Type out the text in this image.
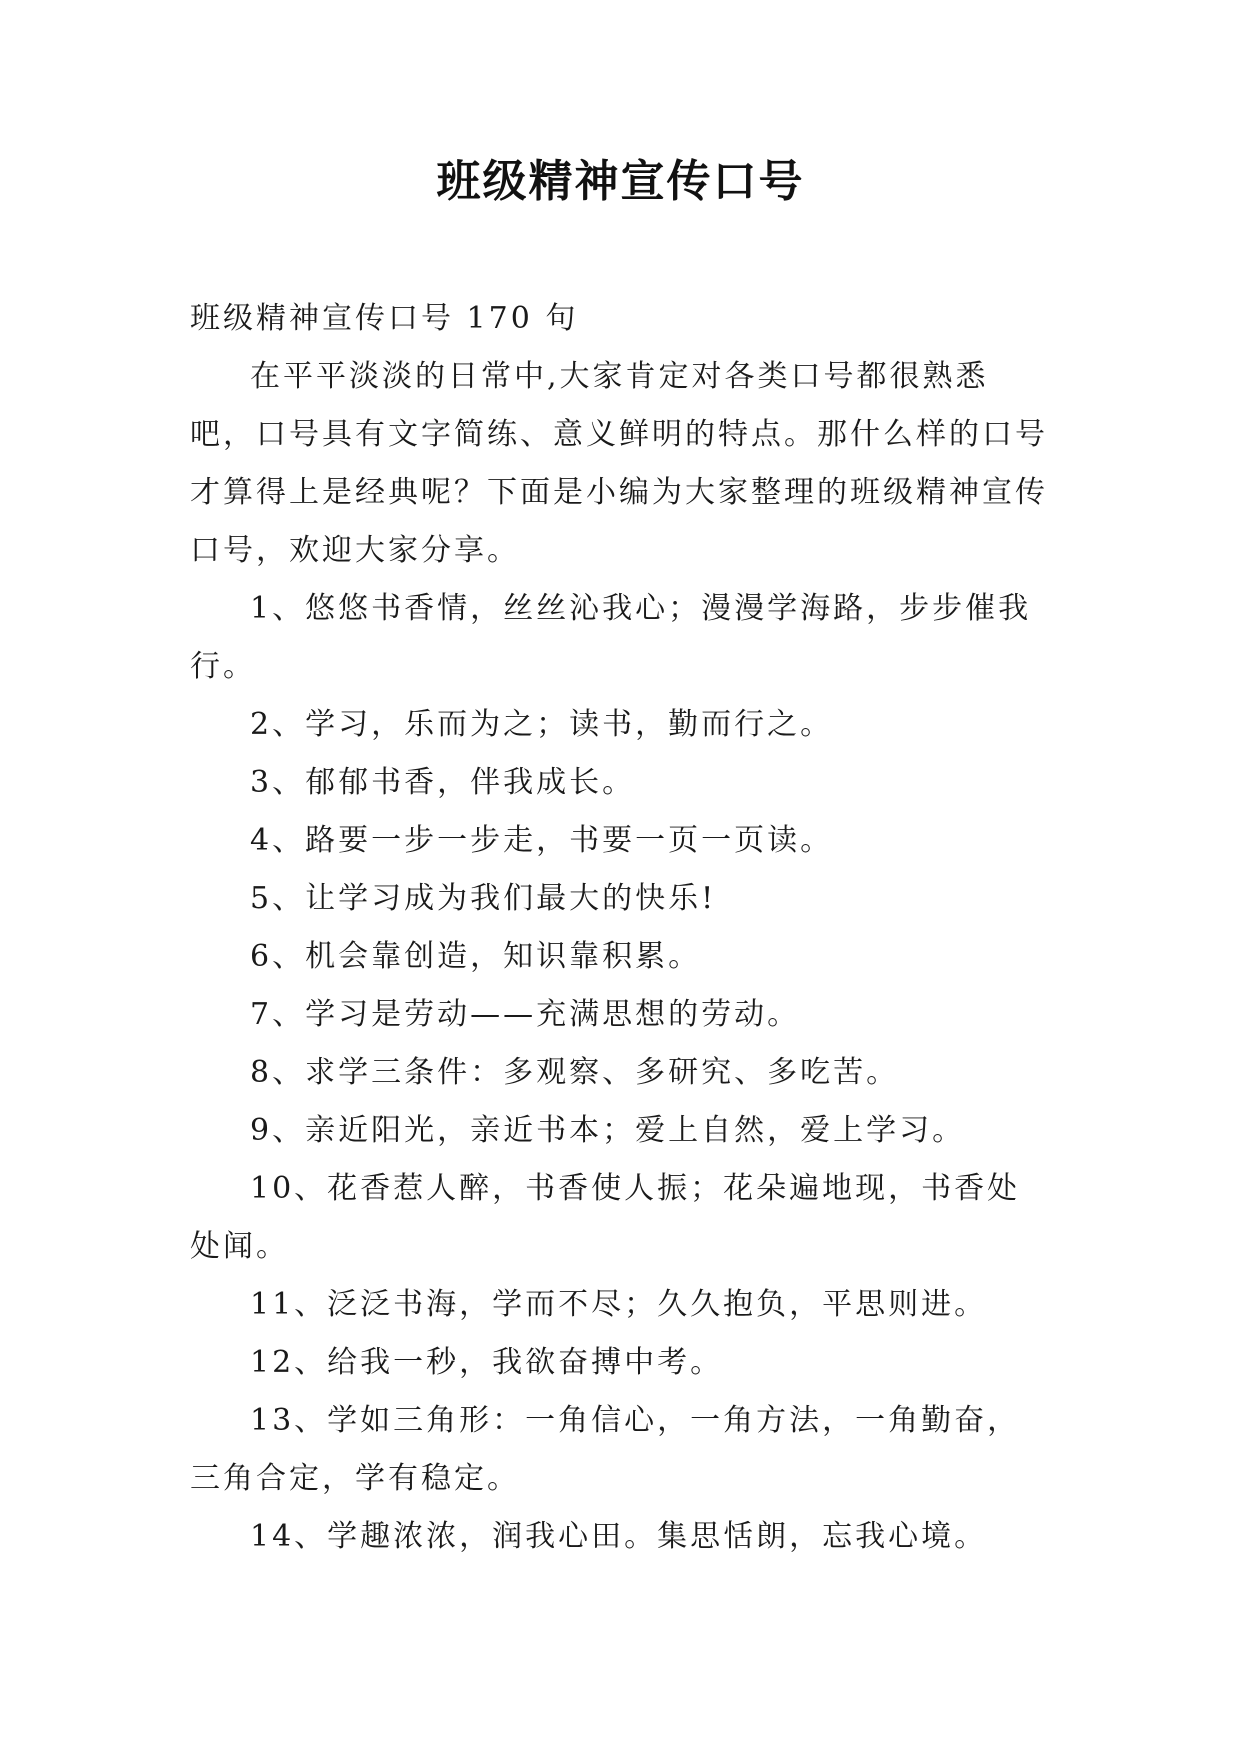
班级精神宣传口号

班级精神宣传口号 170 句

在平平淡淡的日常中,大家肯定对各类口号都很熟悉吧，口号具有文字简练、意义鲜明的特点。那什么样的口号才算得上是经典呢？下面是小编为大家整理的班级精神宣传口号，欢迎大家分享。

1、悠悠书香情，丝丝沁我心；漫漫学海路，步步催我行。

2、学习，乐而为之；读书，勤而行之。

3、郁郁书香，伴我成长。

4、路要一步一步走，书要一页一页读。

5、让学习成为我们最大的快乐!

6、机会靠创造，知识靠积累。

7、学习是劳动——充满思想的劳动。

8、求学三条件：多观察、多研究、多吃苦。

9、亲近阳光，亲近书本；爱上自然，爱上学习。

10、花香惹人醉，书香使人振；花朵遍地现，书香处处闻。

11、泛泛书海，学而不尽；久久抱负，平思则进。

12、给我一秒，我欲奋搏中考。

13、学如三角形：一角信心，一角方法，一角勤奋，三角合定，学有稳定。

14、学趣浓浓，润我心田。集思恬朗，忘我心境。
